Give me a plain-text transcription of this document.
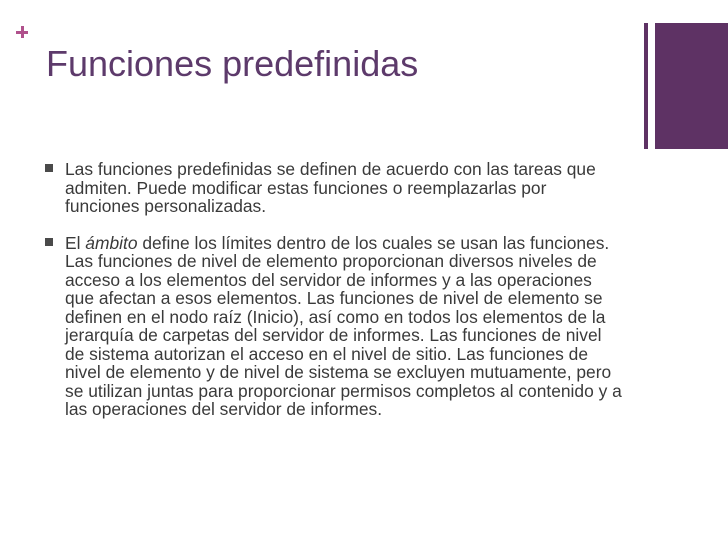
Funciones predefinidas
Las funciones predefinidas se definen de acuerdo con las tareas que admiten. Puede modificar estas funciones o reemplazarlas por funciones personalizadas.
El ámbito define los límites dentro de los cuales se usan las funciones. Las funciones de nivel de elemento proporcionan diversos niveles de acceso a los elementos del servidor de informes y a las operaciones que afectan a esos elementos. Las funciones de nivel de elemento se definen en el nodo raíz (Inicio), así como en todos los elementos de la jerarquía de carpetas del servidor de informes. Las funciones de nivel de sistema autorizan el acceso en el nivel de sitio. Las funciones de nivel de elemento y de nivel de sistema se excluyen mutuamente, pero se utilizan juntas para proporcionar permisos completos al contenido y a las operaciones del servidor de informes.
